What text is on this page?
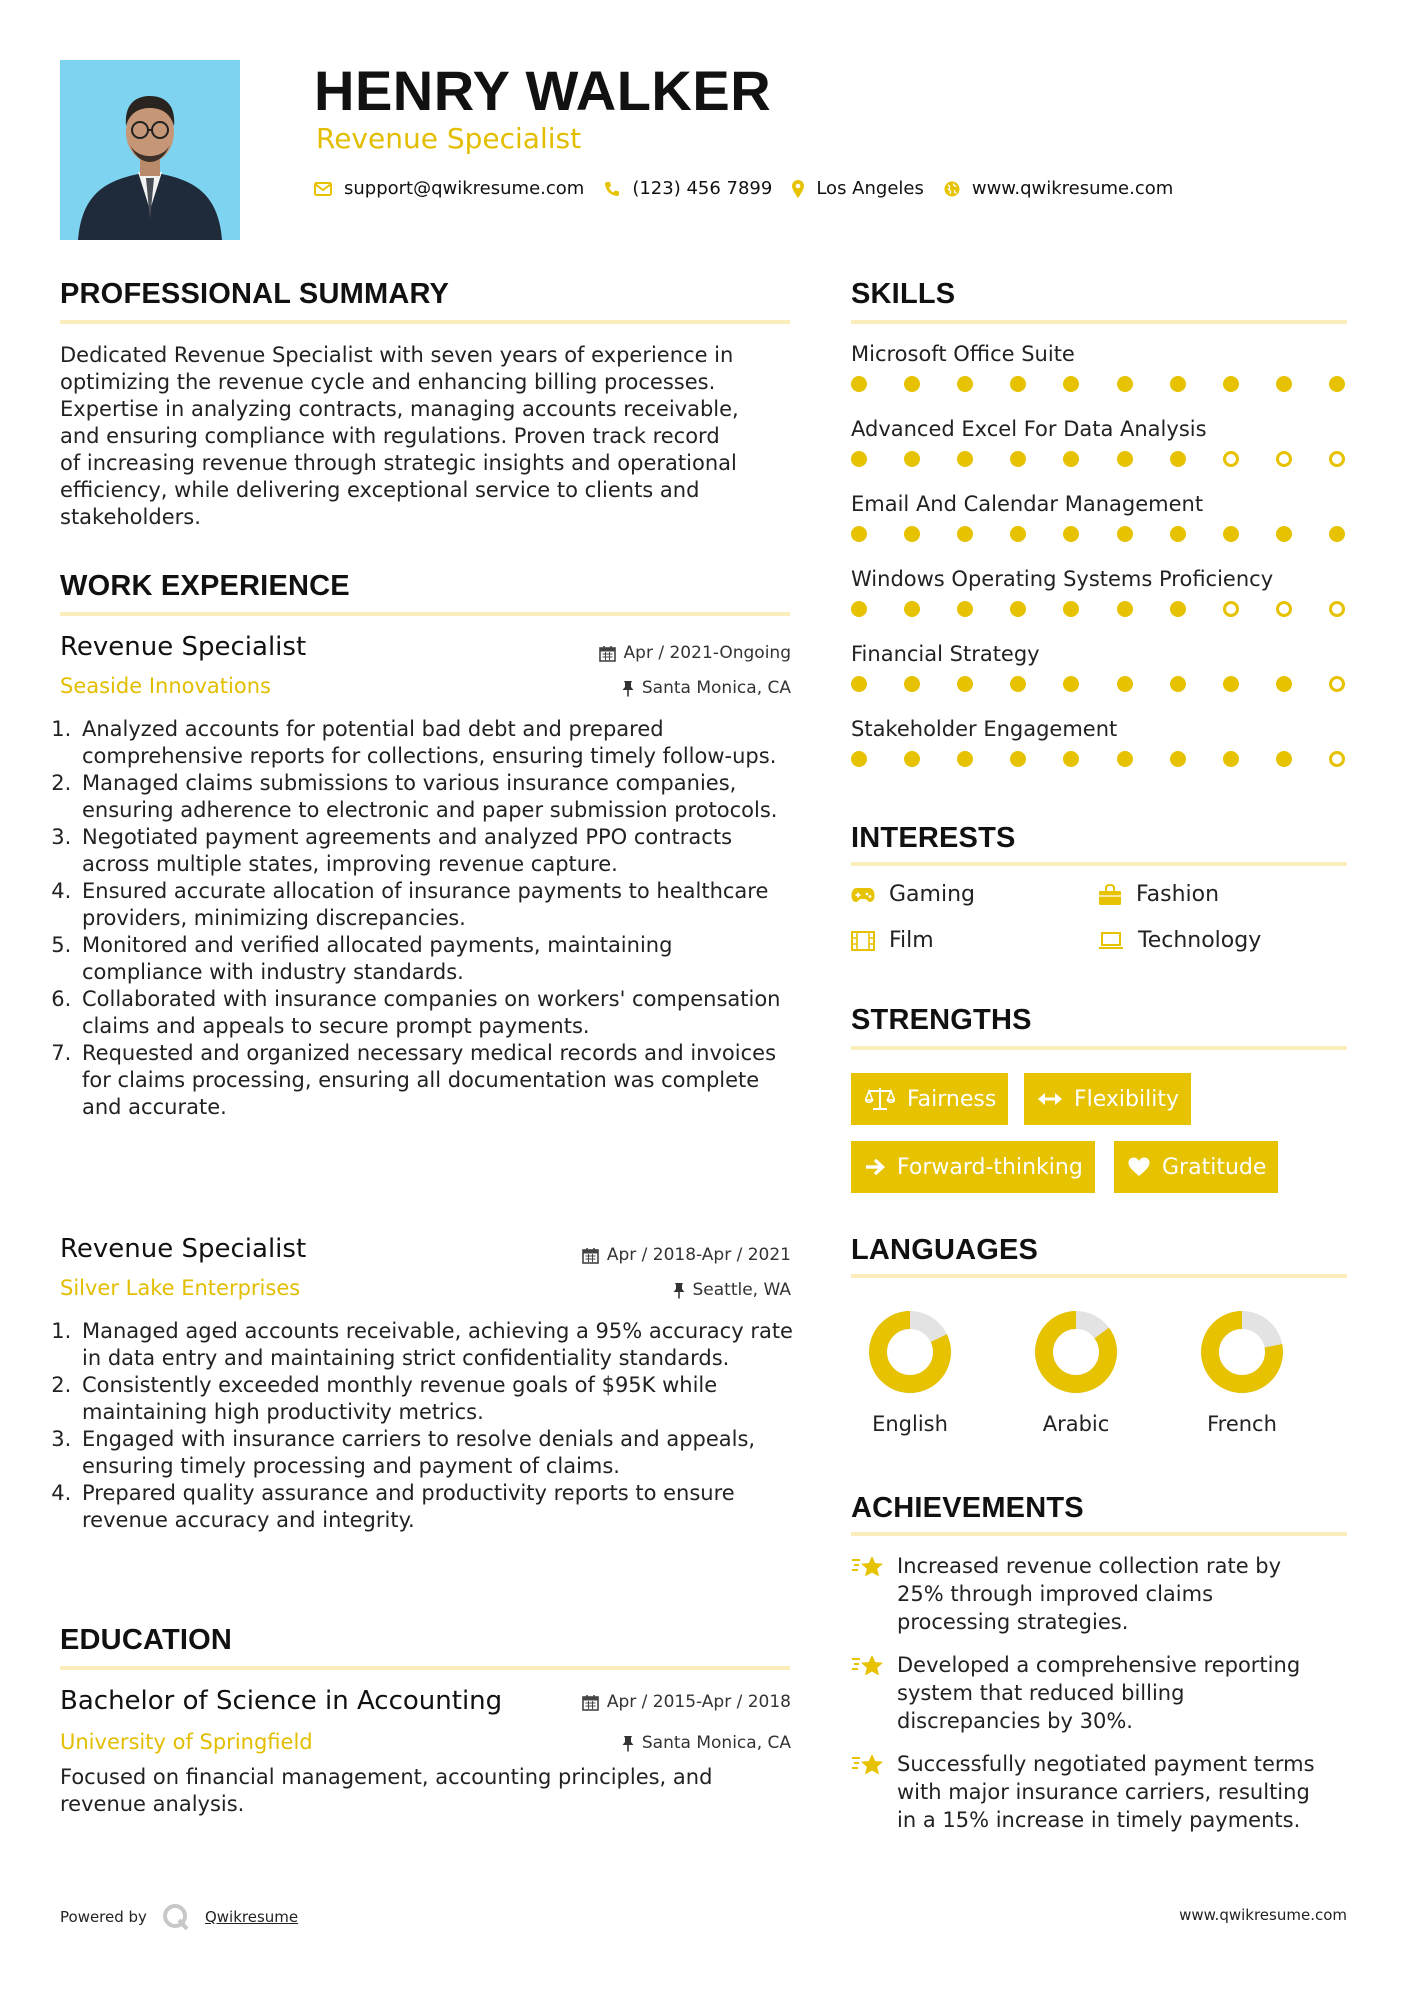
HENRY WALKER
Revenue Specialist
support@qwikresume.com	(123) 456 7899 Los Angeles	www.qwikresume.com
PROFESSIONAL SUMMARY
Dedicated Revenue Specialist with seven years of experience in
optimizing the revenue cycle and enhancing billing processes.
Expertise in analyzing contracts, managing accounts receivable,
and ensuring compliance with regulations. Proven track record
of increasing revenue through strategic insights and operational
efficiency, while delivering exceptional service to clients and
stakeholders.
WORK EXPERIENCE
Revenue Specialist	Apr / 2021-Ongoing
Seaside Innovations	Santa Monica, CA
1. Analyzed accounts for potential bad debt and prepared comprehensive reports for collections, ensuring timely follow-ups.
2. Managed claims submissions to various insurance companies, ensuring adherence to electronic and paper submission protocols.
3. Negotiated payment agreements and analyzed PPO contracts across multiple states, improving revenue capture.
4. Ensured accurate allocation of insurance payments to healthcare providers, minimizing discrepancies.
5. Monitored and verified allocated payments, maintaining compliance with industry standards.
6. Collaborated with insurance companies on workers' compensation claims and appeals to secure prompt payments.
7. Requested and organized necessary medical records and invoices for claims processing, ensuring all documentation was complete and accurate.
Revenue Specialist	Apr / 2018-Apr / 2021
Silver Lake Enterprises	Seattle, WA
1. Managed aged accounts receivable, achieving a 95% accuracy rate in data entry and maintaining strict confidentiality standards.
2. Consistently exceeded monthly revenue goals of $95K while maintaining high productivity metrics.
3. Engaged with insurance carriers to resolve denials and appeals, ensuring timely processing and payment of claims.
4. Prepared quality assurance and productivity reports to ensure revenue accuracy and integrity.
EDUCATION
Bachelor of Science in Accounting	Apr / 2015-Apr / 2018
University of Springfield	Santa Monica, CA
Focused on financial management, accounting principles, and
revenue analysis.
SKILLS
Microsoft Office Suite
Advanced Excel For Data Analysis
Email And Calendar Management
Windows Operating Systems Proficiency
Financial Strategy
Stakeholder Engagement
INTERESTS
Gaming	Fashion
Film	Technology
STRENGTHS
Fairness	Flexibility
Forward-thinking	Gratitude
LANGUAGES
English	Arabic	French
ACHIEVEMENTS
Increased revenue collection rate by
25% through improved claims
processing strategies.
Developed a comprehensive reporting
system that reduced billing
discrepancies by 30%.
Successfully negotiated payment terms
with major insurance carriers, resulting
in a 15% increase in timely payments.
Powered by	Qwikresume	www.qwikresume.com
